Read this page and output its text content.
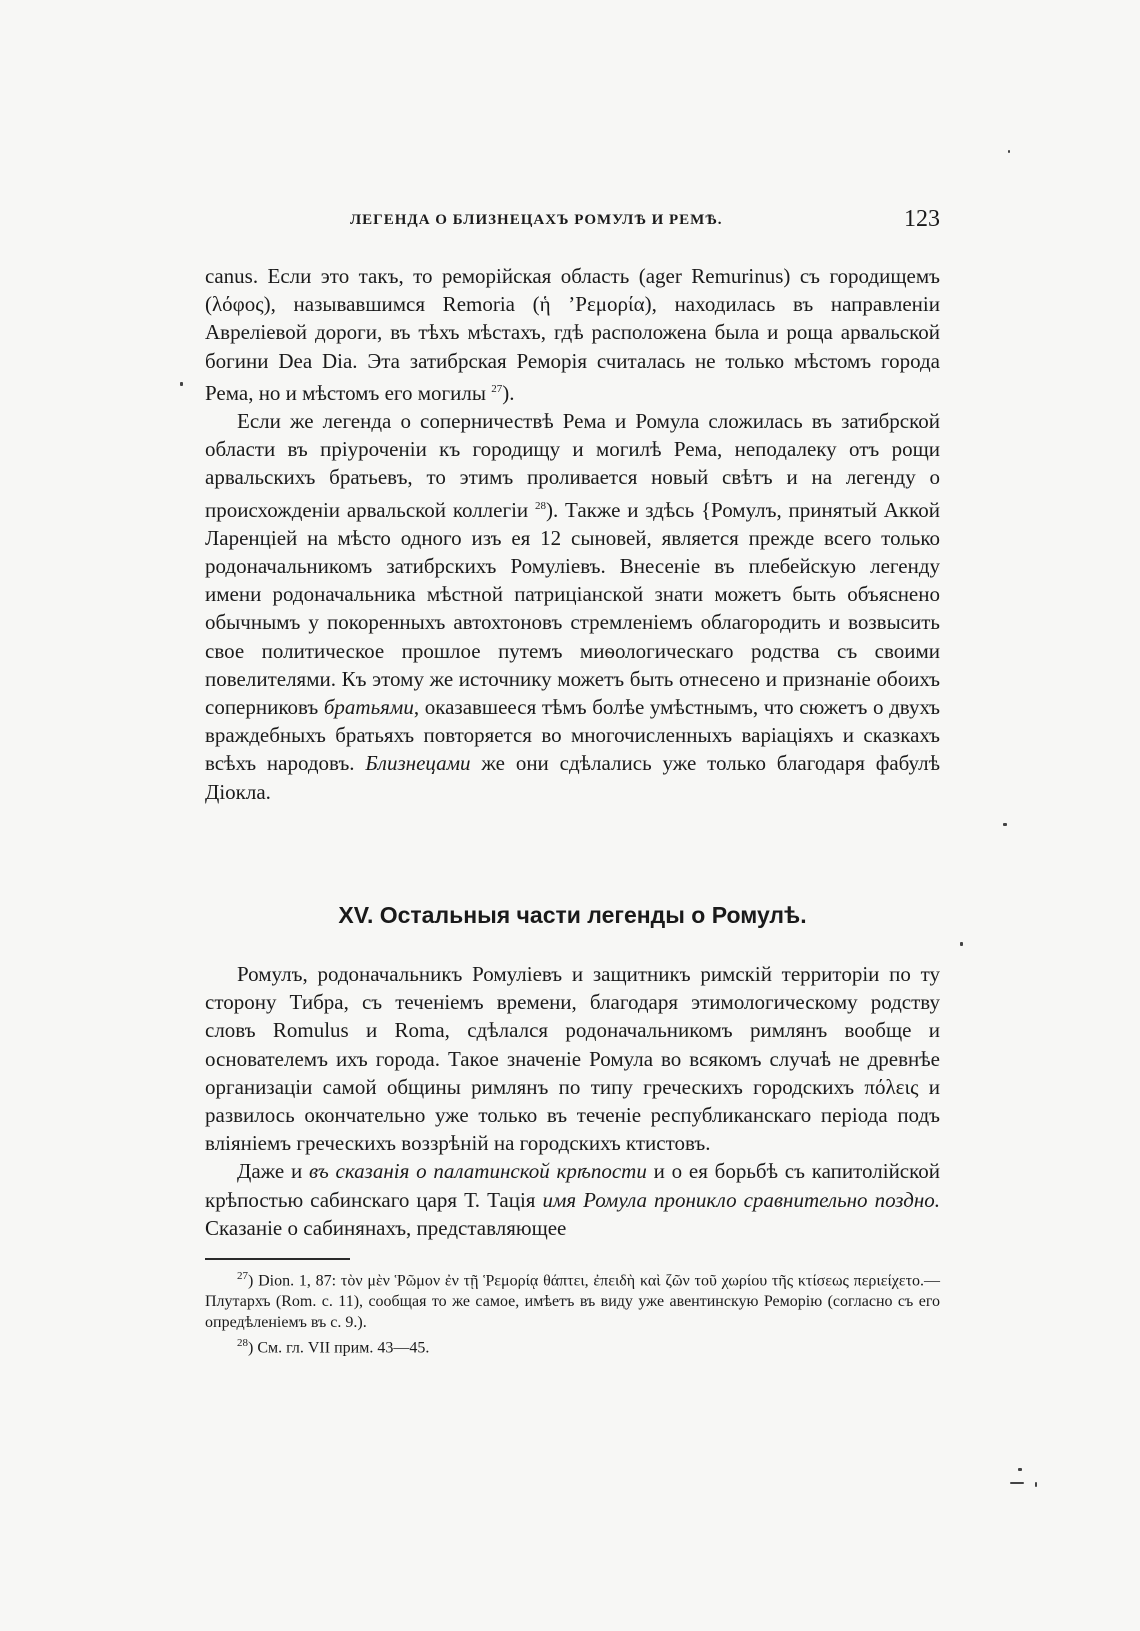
ЛЕГЕНДА О БЛИЗНЕЦАХЪ РОМУЛѢ И РЕМѢ.	123

canus. Если это такъ, то реморійская область (ager Remurinus) съ городищемъ (λόφος), называвшимся Remoria (ἡ ’Ρεμορία), находилась въ направленіи Авреліевой дороги, въ тѣхъ мѣстахъ, гдѣ расположена была и роща арвальской богини Dea Dia. Эта затибрская Реморія считалась не только мѣстомъ города Рема, но и мѣстомъ его могилы $^{27}$).

Если же легенда о соперничествѣ Рема и Ромула сложилась въ затибрской области въ пріуроченіи къ городищу и могилѣ Рема, неподалеку отъ рощи арвальскихъ братьевъ, то этимъ проливается новый свѣтъ и на легенду о происхожденіи арвальской коллегіи $^{28}$). Также и здѣсь {Ромулъ, принятый Аккой Ларенціей на мѣсто одного изъ ея 12 сыновей, является прежде всего только родоначальникомъ затибрскихъ Ромуліевъ. Внесеніе въ плебейскую легенду имени родоначальника мѣстной патриціанской знати можетъ быть объяснено обычнымъ у покоренныхъ автохтоновъ стремленіемъ облагородить и возвысить свое политическое прошлое путемъ миѳологическаго родства съ своими повелителями. Къ этому же источнику можетъ быть отнесено и признаніе обоихъ соперниковъ братьями, оказавшееся тѣмъ болѣе умѣстнымъ, что сюжетъ о двухъ враждебныхъ братьяхъ повторяется во многочисленныхъ варіаціяхъ и сказкахъ всѣхъ народовъ. Близнецами же они сдѣлались уже только благодаря фабулѣ Діокла.

XV. Остальныя части легенды о Ромулѣ.

Ромулъ, родоначальникъ Ромуліевъ и защитникъ римскій территоріи по ту сторону Тибра, съ теченіемъ времени, благодаря этимологическому родству словъ Romulus и Roma, сдѣлался родоначальникомъ римлянъ вообще и основателемъ ихъ города. Такое значеніе Ромула во всякомъ случаѣ не древнѣе организаціи самой общины римлянъ по типу греческихъ городскихъ πόλεις и развилось окончательно уже только въ теченіе республиканскаго періода подъ вліяніемъ греческихъ воззрѣній на городскихъ ктистовъ.

Даже и въ сказанія о палатинской крѣпости и о ея борьбѣ съ капитолійской крѣпостью сабинскаго царя Т. Тація имя Ромула проникло сравнительно поздно. Сказаніе о сабинянахъ, представляющее

$^{27}$) Dion. 1, 87: τὸν μὲν Ῥῶμον ἐν τῇ Ῥεμορίᾳ θάπτει, ἐπειδὴ καὶ ζῶν τοῦ χωρίου τῆς κτίσεως περιείχετο.—Плутархъ (Rom. c. 11), сообщая то же самое, имѣетъ въ виду уже авентинскую Реморію (согласно съ его опредѣленіемъ въ с. 9.).

$^{28}$) См. гл. VII прим. 43—45.
